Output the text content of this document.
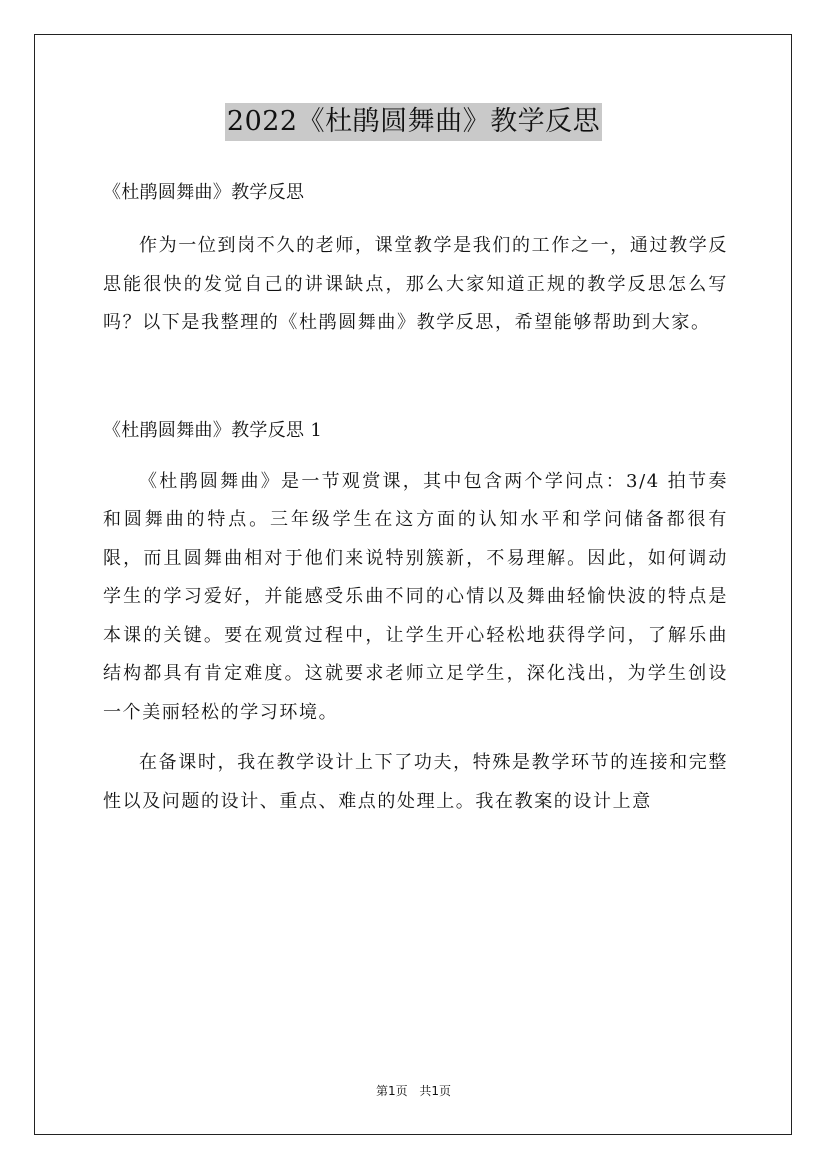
2022《杜鹃圆舞曲》教学反思

《杜鹃圆舞曲》教学反思

作为一位到岗不久的老师，课堂教学是我们的工作之一，通过教学反思能很快的发觉自己的讲课缺点，那么大家知道正规的教学反思怎么写吗？以下是我整理的《杜鹃圆舞曲》教学反思，希望能够帮助到大家。

《杜鹃圆舞曲》教学反思 1

《杜鹃圆舞曲》是一节观赏课，其中包含两个学问点：3/4 拍节奏和圆舞曲的特点。三年级学生在这方面的认知水平和学问储备都很有限，而且圆舞曲相对于他们来说特别簇新，不易理解。因此，如何调动学生的学习爱好，并能感受乐曲不同的心情以及舞曲轻愉快波的特点是本课的关键。要在观赏过程中，让学生开心轻松地获得学问，了解乐曲结构都具有肯定难度。这就要求老师立足学生，深化浅出，为学生创设一个美丽轻松的学习环境。

在备课时，我在教学设计上下了功夫，特殊是教学环节的连接和完整性以及问题的设计、重点、难点的处理上。我在教案的设计上意

第1页 共1页
